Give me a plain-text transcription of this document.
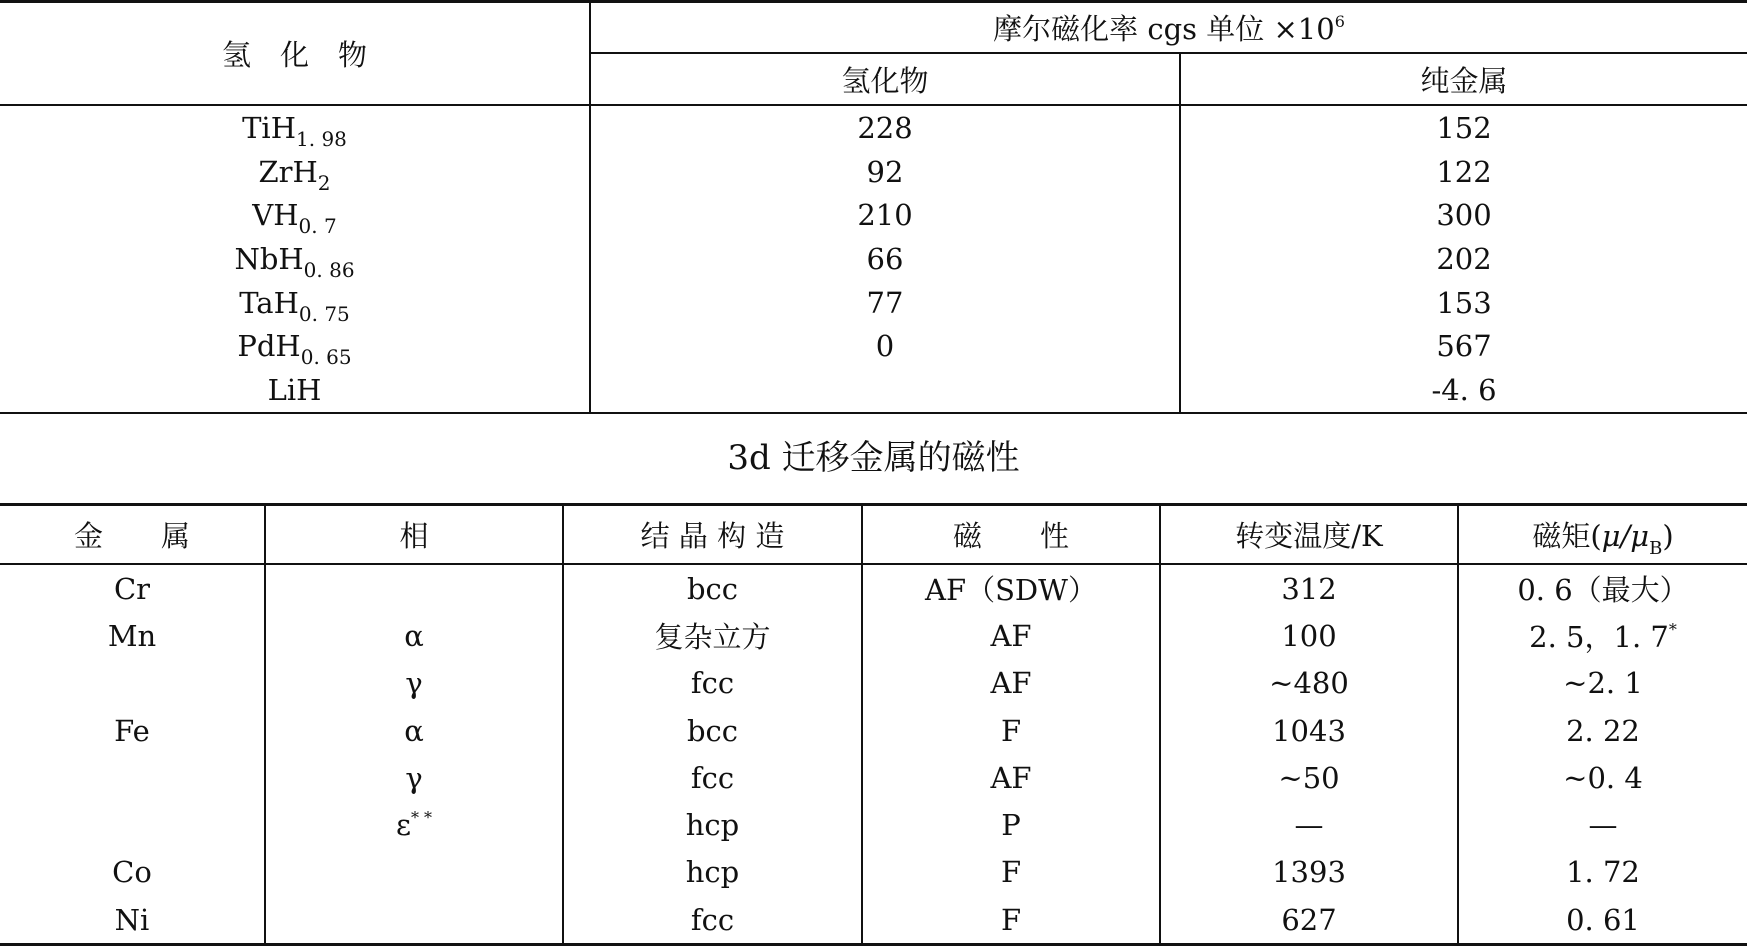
氢　化　物	摩尔磁化率 cgs 单位 $\times 10^6$
	氢化物	纯金属
TiH$_{1. 98}$	228	152
ZrH$_2$	92	122
$VH_{0. 7}$	210	300
NbH$_{0. 86}$	66	202
TaH$_{0. 75}$	77	153
PdH$_{0. 65}$	0	567
LiH		-4. 6
3d 迁移金属的磁性
金　　属	相	结 晶 构 造	磁　　性	转变温度/K	磁矩$(\mu/\mu_B)$
Cr		bcc	AF（SDW）	312	0. 6（最大）
Mn	α	复杂立方	AF	100	2. 5，1. 7*
	γ	fcc	AF	~480	~2. 1
Fe	α	bcc	F	1043	2. 22
	γ	fcc	AF	~50	~0. 4
	ε* *	hcp	P	—	—
Co		hcp	F	1393	1. 72
Ni		fcc	F	627	0. 61
